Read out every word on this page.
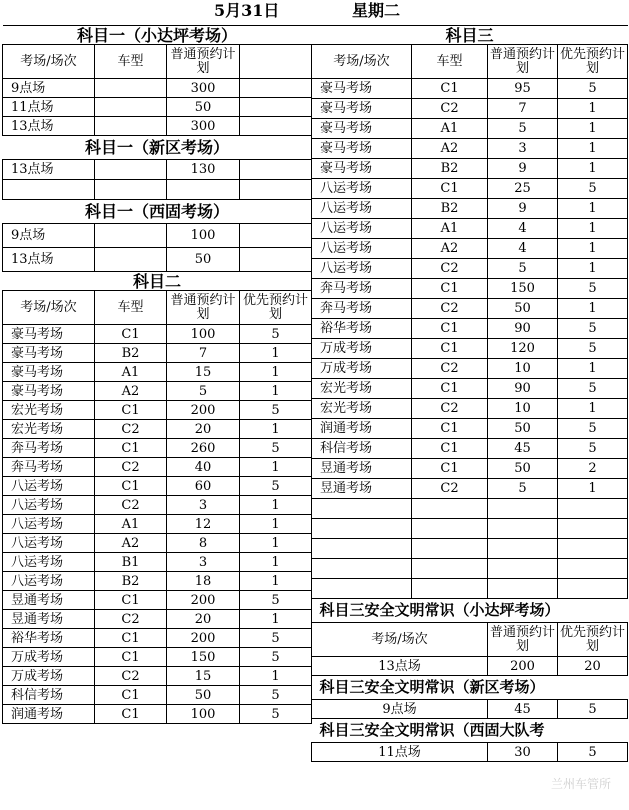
5月31日	星期二
科目一（小达坪考场）			
考场/场次	车型	普通预约计划	
9点场		300	
11点场		50	
13点场		300	
科目一（新区考场）			
13点场		130	

科目一（西固考场）			
9点场		100	
13点场		50	
科目二			
考场/场次	车型	普通预约计划	优先预约计划
豪马考场	C1	100	5
豪马考场	B2	7	1
豪马考场	A1	15	1
豪马考场	A2	5	1
宏光考场	C1	200	5
宏光考场	C2	20	1
奔马考场	C1	260	5
奔马考场	C2	40	1
八运考场	C1	60	5
八运考场	C2	3	1
八运考场	A1	12	1
八运考场	A2	8	1
八运考场	B1	3	1
八运考场	B2	18	1
昱通考场	C1	200	5
昱通考场	C2	20	1
裕华考场	C1	200	5
万成考场	C1	150	5
万成考场	C2	15	1
科信考场	C1	50	5
润通考场	C1	100	5
科目三			
考场/场次	车型	普通预约计划	优先预约计划
豪马考场	C1	95	5
豪马考场	C2	7	1
豪马考场	A1	5	1
豪马考场	A2	3	1
豪马考场	B2	9	1
八运考场	C1	25	5
八运考场	B2	9	1
八运考场	A1	4	1
八运考场	A2	4	1
八运考场	C2	5	1
奔马考场	C1	150	5
奔马考场	C2	50	1
裕华考场	C1	90	5
万成考场	C1	120	5
万成考场	C2	10	1
宏光考场	C1	90	5
宏光考场	C2	10	1
润通考场	C1	50	5
科信考场	C1	45	5
昱通考场	C1	50	2
昱通考场	C2	5	1

科目三安全文明常识（小达坪考场）			
考场/场次		普通预约计划	优先预约计划
13点场		200	20
科目三安全文明常识（新区考场）			
9点场		45	5
科目三安全文明常识（西固大队考			
11点场		30	5
兰州车管所
